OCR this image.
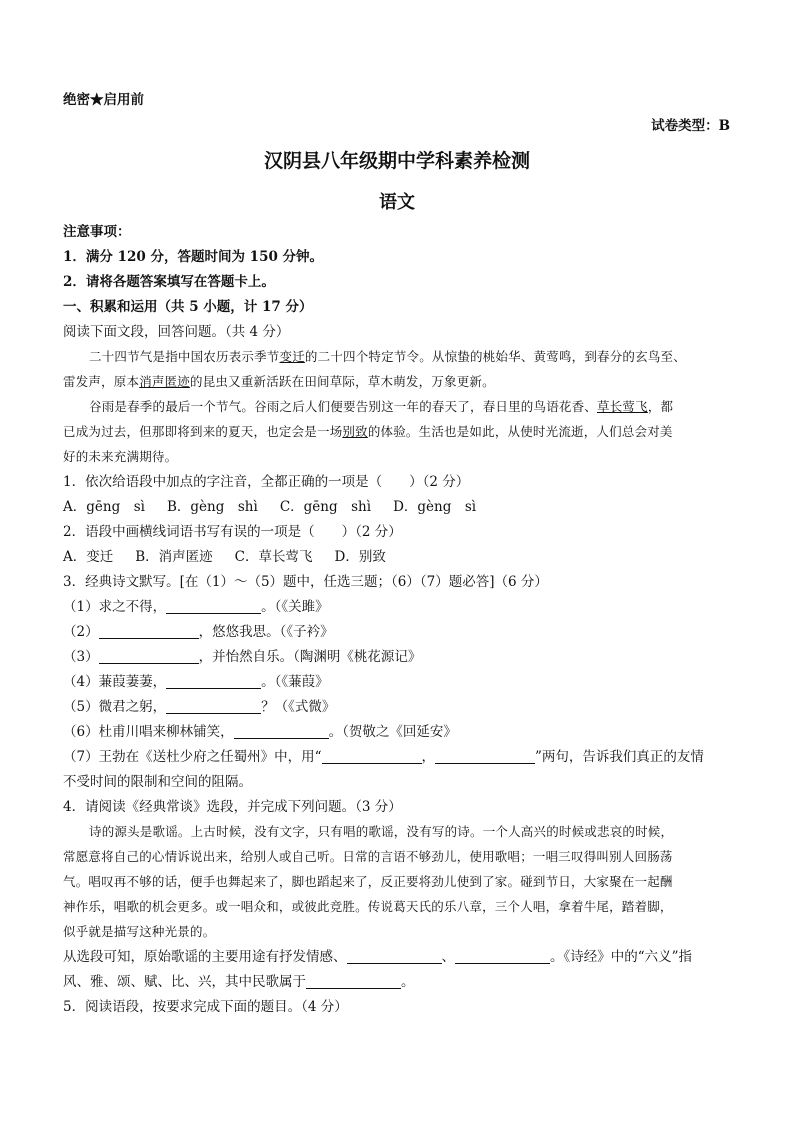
绝密★启用前
试卷类型：B
汉阴县八年级期中学科素养检测
语文
注意事项：
1．满分 120 分，答题时间为 150 分钟。
2．请将各题答案填写在答题卡上。
一、积累和运用（共 5 小题，计 17 分）
阅读下面文段，回答问题。（共 4 分）
二十四节气是指中国农历表示季节变迁的二十四个特定节令。从惊蛰的桃始华、黄莺鸣，到春分的玄鸟至、
雷发声，原本消声匿迹的昆虫又重新活跃在田间草际，草木萌发，万象更新。
谷雨是春季的最后一个节气。谷雨之后人们便要告别这一年的春天了，春日里的鸟语花香、草长莺飞，都
已成为过去，但那即将到来的夏天，也定会是一场别致的体验。生活也是如此，从使时光流逝，人们总会对美
好的未来充满期待。
1．依次给语段中加点的字注音，全都正确的一项是（　　）（2 分）
A．gēng　sì B．gèng　shì C．gēng　shì D．gèng　sì
2．语段中画横线词语书写有误的一项是（　　）（2 分）
A．变迁 B．消声匿迹 C．草长莺飞 D．别致
3．经典诗文默写。[在（1）～（5）题中，任选三题；（6）（7）题必答]（6 分）
（1）求之不得，	。（《关雎》
（2）	，悠悠我思。（《子衿》
（3）	，并怡然自乐。（陶渊明《桃花源记》
（4）蒹葭萋萋，	。（《蒹葭》
（5）微君之躬，	？（《式微》
（6）杜甫川唱来柳林铺笑，	。（贺敬之《回延安》
（7）王勃在《送杜少府之任蜀州》中，用“	，	”两句，告诉我们真正的友情
不受时间的限制和空间的阻隔。
4．请阅读《经典常谈》选段，并完成下列问题。（3 分）
诗的源头是歌谣。上古时候，没有文字，只有唱的歌谣，没有写的诗。一个人高兴的时候或悲哀的时候，
常愿意将自己的心情诉说出来，给别人或自己听。日常的言语不够劲儿，使用歌唱；一唱三叹得叫别人回肠荡
气。唱叹再不够的话，便手也舞起来了，脚也蹈起来了，反正要将劲儿使到了家。碰到节日，大家聚在一起酬
神作乐，唱歌的机会更多。或一唱众和，或彼此竞胜。传说葛天氏的乐八章，三个人唱，拿着牛尾，踏着脚，
似乎就是描写这种光景的。
从选段可知，原始歌谣的主要用途有抒发情感、	、	。《诗经》中的“六义”指
风、雅、颂、赋、比、兴，其中民歌属于	。
5．阅读语段，按要求完成下面的题目。（4 分）
